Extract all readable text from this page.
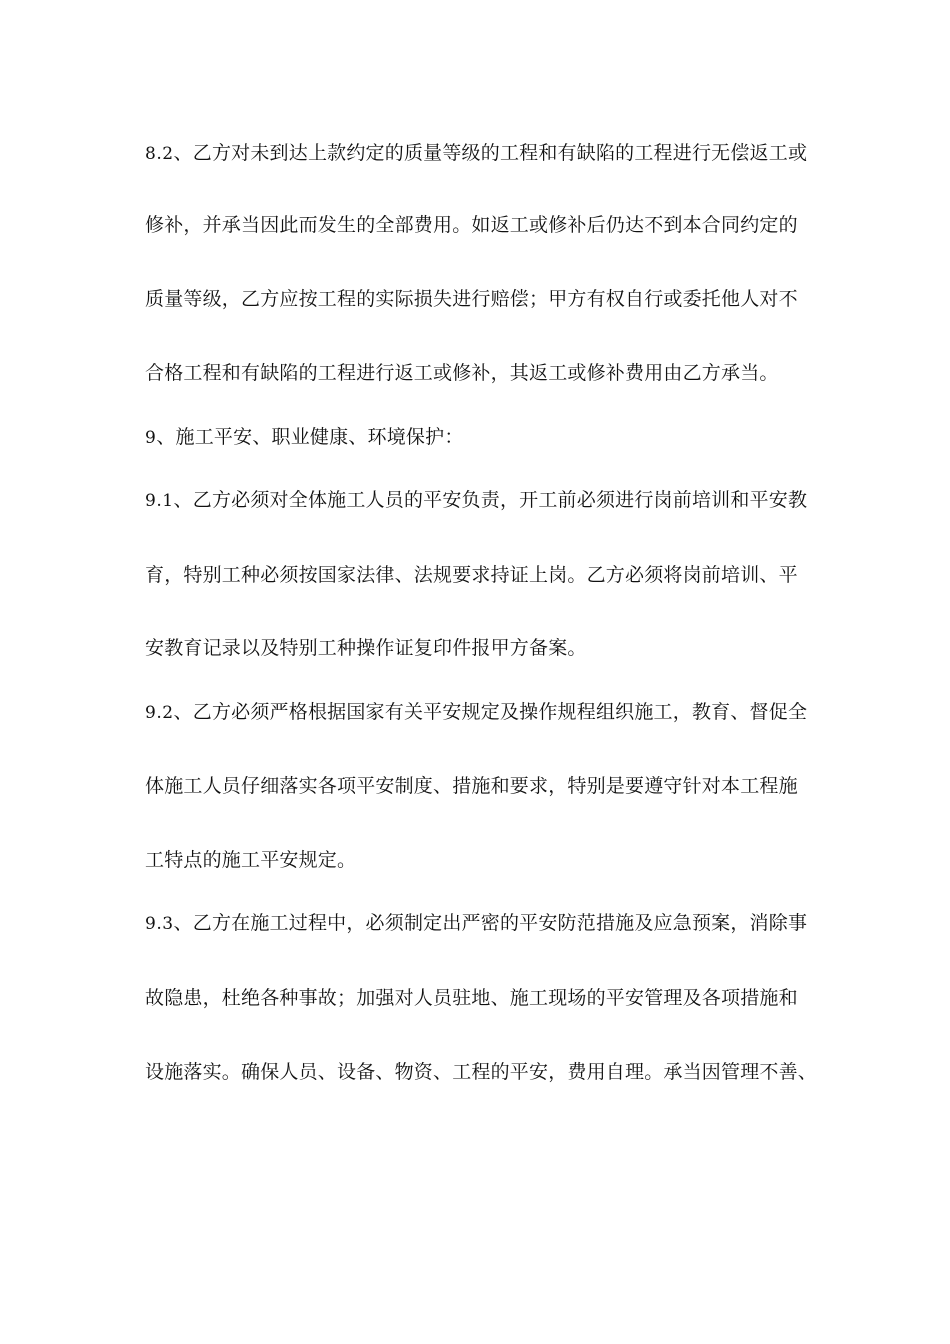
8.2、乙方对未到达上款约定的质量等级的工程和有缺陷的工程进行无偿返工或
修补，并承当因此而发生的全部费用。如返工或修补后仍达不到本合同约定的
质量等级，乙方应按工程的实际损失进行赔偿；甲方有权自行或委托他人对不
合格工程和有缺陷的工程进行返工或修补，其返工或修补费用由乙方承当。
9、施工平安、职业健康、环境保护：
9.1、乙方必须对全体施工人员的平安负责，开工前必须进行岗前培训和平安教
育，特别工种必须按国家法律、法规要求持证上岗。乙方必须将岗前培训、平
安教育记录以及特别工种操作证复印件报甲方备案。
9.2、乙方必须严格根据国家有关平安规定及操作规程组织施工，教育、督促全
体施工人员仔细落实各项平安制度、措施和要求，特别是要遵守针对本工程施
工特点的施工平安规定。
9.3、乙方在施工过程中，必须制定出严密的平安防范措施及应急预案，消除事
故隐患，杜绝各种事故；加强对人员驻地、施工现场的平安管理及各项措施和
设施落实。确保人员、设备、物资、工程的平安，费用自理。承当因管理不善、
